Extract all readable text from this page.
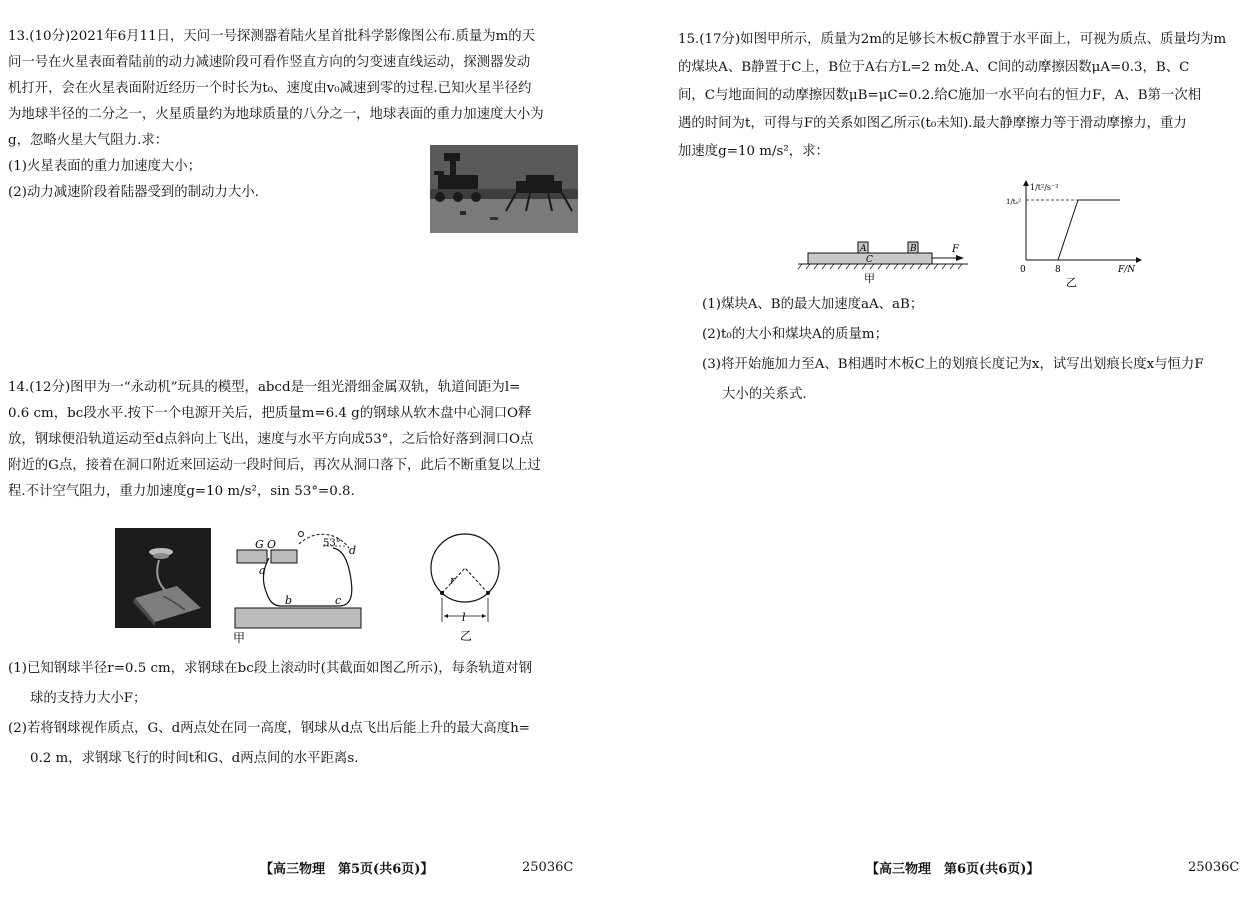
13.(10分)2021年6月11日，天问一号探测器着陆火星首批科学影像图公布.质量为m的天

问一号在火星表面着陆前的动力减速阶段可看作竖直方向的匀变速直线运动，探测器发动

机打开，会在火星表面附近经历一个时长为t₀、速度由v₀减速到零的过程.已知火星半径约

为地球半径的二分之一，火星质量约为地球质量的八分之一，地球表面的重力加速度大小为

g，忽略火星大气阻力.求：

(1)火星表面的重力加速度大小；

(2)动力减速阶段着陆器受到的制动力大小.

14.(12分)图甲为一“永动机”玩具的模型，abcd是一组光滑细金属双轨，轨道间距为l=

0.6 cm，bc段水平.按下一个电源开关后，把质量m=6.4 g的钢球从软木盘中心洞口O释

放，钢球便沿轨道运动至d点斜向上飞出，速度与水平方向成53°，之后恰好落到洞口O点

附近的G点，接着在洞口附近来回运动一段时间后，再次从洞口落下，此后不断重复以上过

程.不计空气阻力，重力加速度g=10 m/s²，sin 53°=0.8.

G O	53°
d
a
b	c
甲
r
l
乙

(1)已知钢球半径r=0.5 cm，求钢球在bc段上滚动时(其截面如图乙所示)，每条轨道对钢

球的支持力大小F；

(2)若将钢球视作质点，G、d两点处在同一高度，钢球从d点飞出后能上升的最大高度h=

0.2 m，求钢球飞行的时间t和G、d两点间的水平距离s.

【高三物理　第5页(共6页)】	25036C

15.(17分)如图甲所示，质量为2m的足够长木板C静置于水平面上，可视为质点、质量均为m

的煤块A、B静置于C上，B位于A右方L=2 m处.A、C间的动摩擦因数μA=0.3，B、C

间，C与地面间的动摩擦因数μB=μC=0.2.给C施加一水平向右的恒力F，A、B第一次相

遇的时间为t，可得与F的关系如图乙所示(t₀未知).最大静摩擦力等于滑动摩擦力，重力

加速度g=10 m/s²，求：

A	B
C
F
甲
1/t²/s⁻²
1/t₀²
0	8	F/N
乙

(1)煤块A、B的最大加速度aA、aB；

(2)t₀的大小和煤块A的质量m；

(3)将开始施加力至A、B相遇时木板C上的划痕长度记为x，试写出划痕长度x与恒力F

大小的关系式.

【高三物理　第6页(共6页)】	25036C
